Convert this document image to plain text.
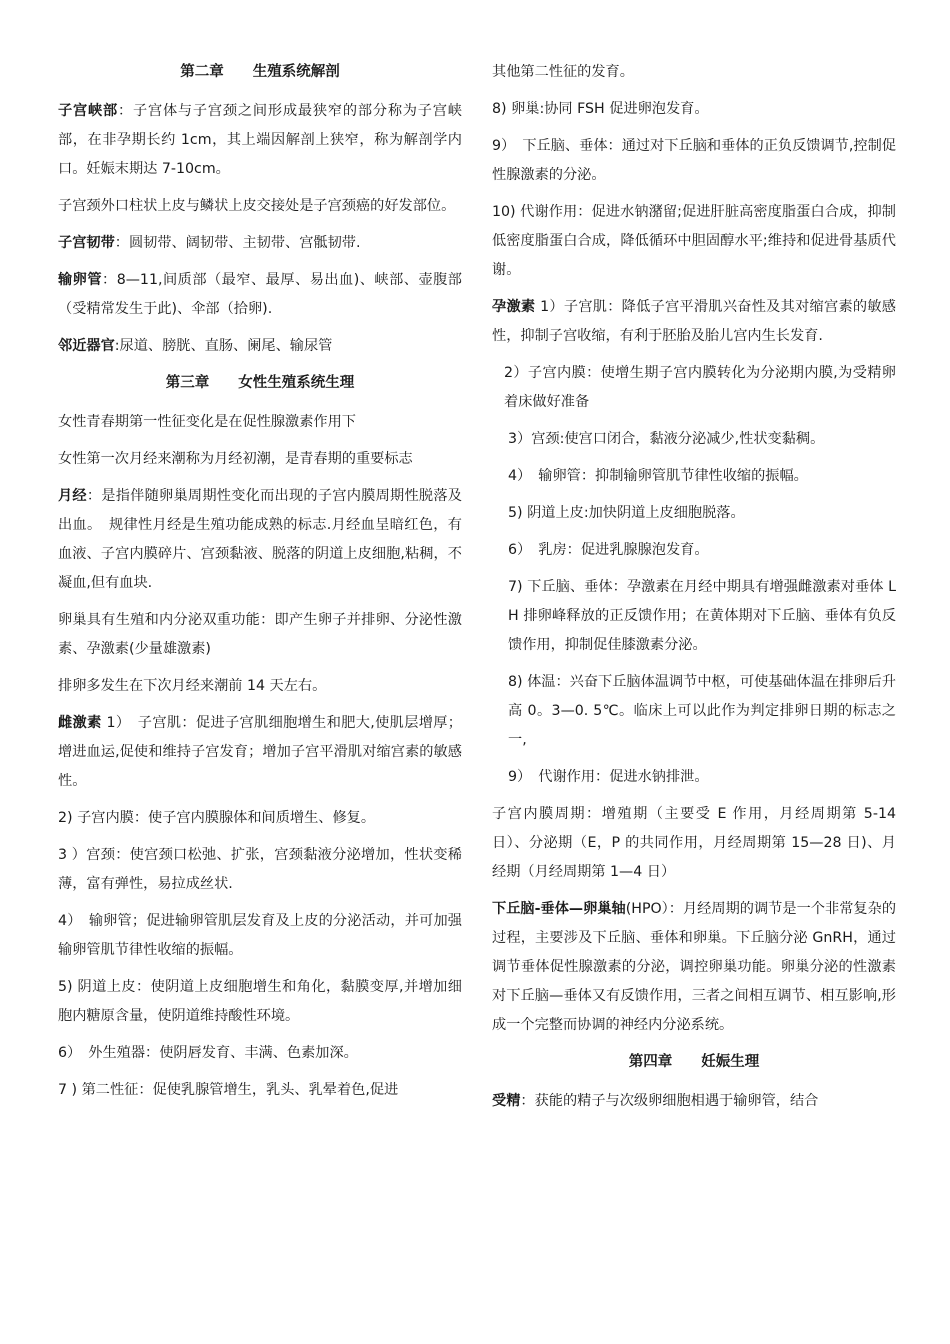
第二章　　生殖系统解剖

子宫峡部：子宫体与子宫颈之间形成最狭窄的部分称为子宫峡部，在非孕期长约 1cm，其上端因解剖上狭窄，称为解剖学内口。妊娠末期达 7-10cm。

子宫颈外口柱状上皮与鳞状上皮交接处是子宫颈癌的好发部位。

子宫韧带：圆韧带、阔韧带、主韧带、宫骶韧带.

输卵管：8—11,间质部（最窄、最厚、易出血)、峡部、壶腹部（受精常发生于此)、伞部（拾卵).

邻近器官:尿道、膀胱、直肠、阑尾、输尿管

第三章　　女性生殖系统生理

女性青春期第一性征变化是在促性腺激素作用下

女性第一次月经来潮称为月经初潮，是青春期的重要标志

月经：是指伴随卵巢周期性变化而出现的子宫内膜周期性脱落及出血。　规律性月经是生殖功能成熟的标志.月经血呈暗红色，有血液、子宫内膜碎片、宫颈黏液、脱落的阴道上皮细胞,粘稠，不凝血,但有血块.

卵巢具有生殖和内分泌双重功能：即产生卵子并排卵、分泌性激素、孕激素(少量雄激素)

排卵多发生在下次月经来潮前 14 天左右。

雌激素 1）　子宫肌：促进子宫肌细胞增生和肥大,使肌层增厚；增进血运,促使和维持子宫发育；增加子宫平滑肌对缩宫素的敏感性。

2) 子宫内膜：使子宫内膜腺体和间质增生、修复。

3 ）宫颈：使宫颈口松弛、扩张，宫颈黏液分泌增加，性状变稀薄，富有弹性，易拉成丝状.

4）　输卵管；促进输卵管肌层发育及上皮的分泌活动，并可加强输卵管肌节律性收缩的振幅。

5) 阴道上皮：使阴道上皮细胞增生和角化，黏膜变厚,并增加细胞内糖原含量，使阴道维持酸性环境。

6）　外生殖器：使阴唇发育、丰满、色素加深。

7 ) 第二性征：促使乳腺管增生，乳头、乳晕着色,促进

其他第二性征的发育。

8) 卵巢:协同 FSH 促进卵泡发育。

9）　下丘脑、垂体：通过对下丘脑和垂体的正负反馈调节,控制促性腺激素的分泌。

10) 代谢作用：促进水钠潴留;促进肝脏高密度脂蛋白合成，抑制低密度脂蛋白合成，降低循环中胆固醇水平;维持和促进骨基质代谢。

孕激素 1）子宫肌：降低子宫平滑肌兴奋性及其对缩宫素的敏感性，抑制子宫收缩，有利于胚胎及胎儿宫内生长发育.

2）子宫内膜：使增生期子宫内膜转化为分泌期内膜,为受精卵着床做好准备

3）宫颈:使宫口闭合，黏液分泌减少,性状变黏稠。

4）　输卵管：抑制输卵管肌节律性收缩的振幅。

5) 阴道上皮:加快阴道上皮细胞脱落。

6）　乳房：促进乳腺腺泡发育。

7) 下丘脑、垂体：孕激素在月经中期具有增强雌激素对垂体 LH 排卵峰释放的正反馈作用；在黄体期对下丘脑、垂体有负反馈作用，抑制促佳膝激素分泌。

8) 体温：兴奋下丘脑体温调节中枢，可使基础体温在排卵后升高 0。3—0. 5℃。临床上可以此作为判定排卵日期的标志之一,

9）　代谢作用：促进水钠排泄。

子宫内膜周期：增殖期（主要受 E 作用，月经周期第 5-14 日）、分泌期（E，P 的共同作用，月经周期第 15—28 日)、月经期（月经周期第 1—4 日）

下丘脑-垂体—卵巢轴(HPO）：月经周期的调节是一个非常复杂的过程，主要涉及下丘脑、垂体和卵巢。下丘脑分泌 GnRH，通过调节垂体促性腺激素的分泌，调控卵巢功能。卵巢分泌的性激素对下丘脑—垂体又有反馈作用，三者之间相互调节、相互影响,形成一个完整而协调的神经内分泌系统。

第四章　　妊娠生理

受精：获能的精子与次级卵细胞相遇于输卵管，结合
